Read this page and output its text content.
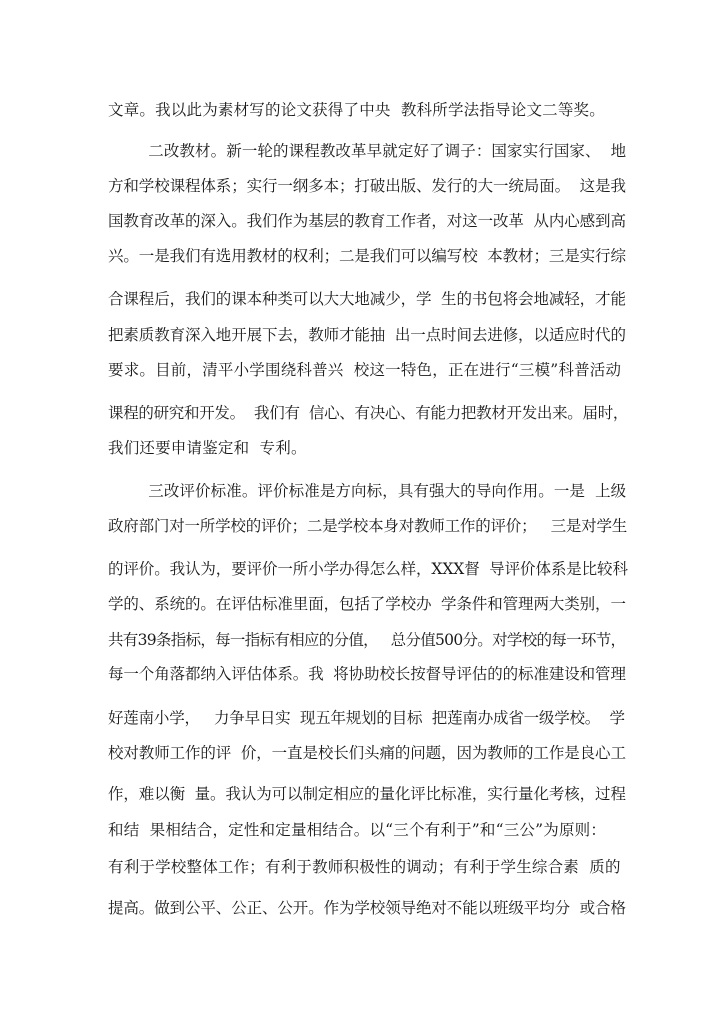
文章。我以此为素材写的论文获得了中央  教科所学法指导论文二等奖。
二改教材。新一轮的课程教改革早就定好了调子：国家实行国家、  地
方和学校课程体系；实行一纲多本；打破出版、发行的大一统局面。  这是我
国教育改革的深入。我们作为基层的教育工作者，对这一改革  从内心感到高
兴。一是我们有选用教材的权利；二是我们可以编写校  本教材；三是实行综
合课程后，我们的课本种类可以大大地减少，学  生的书包将会地减轻，才能
把素质教育深入地开展下去，教师才能抽  出一点时间去进修，以适应时代的
要求。目前，清平小学围绕科普兴  校这一特色，正在进行“三模”科普活动
课程的研究和开发。  我们有  信心、有决心、有能力把教材开发出来。届时，
我们还要申请鉴定和  专利。
三改评价标准。评价标准是方向标，具有强大的导向作用。一是  上级
政府部门对一所学校的评价；二是学校本身对教师工作的评价；   三是对学生
的评价。我认为，要评价一所小学办得怎么样，XXX督  导评价体系是比较科
学的、系统的。在评估标准里面，包括了学校办  学条件和管理两大类别，一
共有39条指标，每一指标有相应的分值，   总分值500分。对学校的每一环节，
每一个角落都纳入评估体系。我  将协助校长按督导评估的的标准建设和管理
好莲南小学，   力争早日实  现五年规划的目标  把莲南办成省一级学校。  学
校对教师工作的评  价，一直是校长们头痛的问题，因为教师的工作是良心工
作，难以衡  量。我认为可以制定相应的量化评比标准，实行量化考核，过程
和结  果相结合，定性和定量相结合。以“三个有利于”和“三公”为原则：
有利于学校整体工作；有利于教师积极性的调动；有利于学生综合素  质的
提高。做到公平、公正、公开。作为学校领导绝对不能以班级平均分  或合格
